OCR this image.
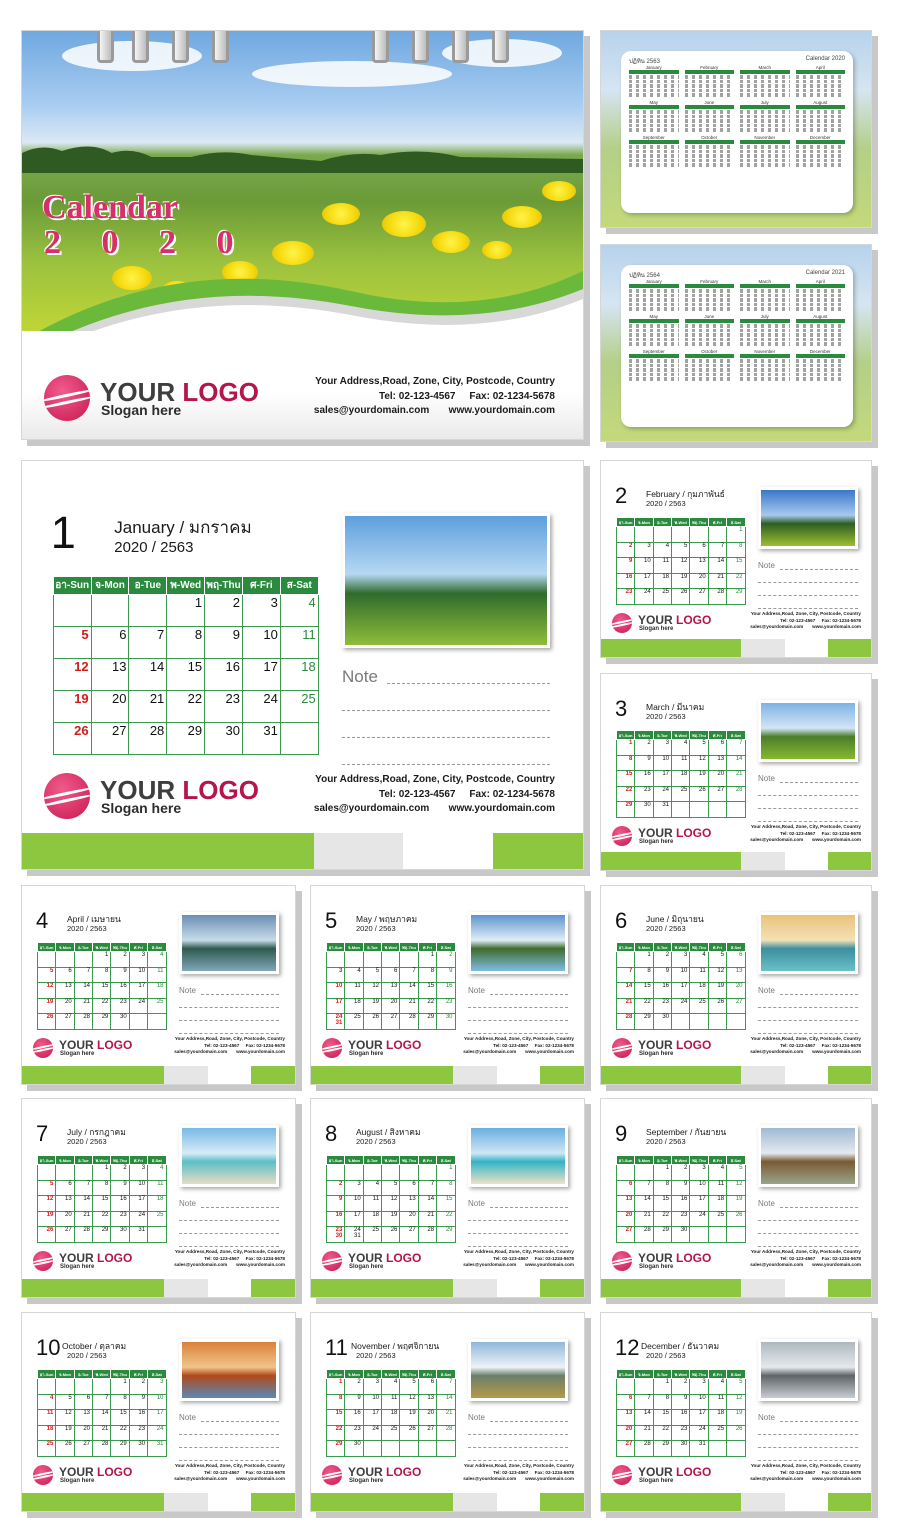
Calendar
2 0 2 0
YOUR LOGO
Slogan here
Your Address,Road, Zone, City, Postcode, Country
Tel: 02-123-4567     Fax: 02-1234-5678
sales@yourdomain.com       www.yourdomain.com
ปฏิทิน 2563	Calendar 2020
January	February	March	April
May	June	July	August
September	October	November	December
ปฏิทิน 2564	Calendar 2021
January	February	March	April
May	June	July	August
September	October	November	December
1 January / มกราคม
2020 / 2563
อา-Sun	จ-Mon	อ-Tue	พ-Wed	พฤ-Thu	ศ-Fri	ส-Sat
			1	2	3	4
5	6	7	8	9	10	11
12	13	14	15	16	17	18
19	20	21	22	23	24	25
26	27	28	29	30	31	
Note
YOUR LOGO
Slogan here
Your Address,Road, Zone, City, Postcode, Country
Tel: 02-123-4567     Fax: 02-1234-5678
sales@yourdomain.com       www.yourdomain.com
2 February / กุมภาพันธ์
2020 / 2563
อา-Sun	จ-Mon	อ-Tue	พ-Wed	พฤ-Thu	ศ-Fri	ส-Sat
						1
2	3	4	5	6	7	8
9	10	11	12	13	14	15
16	17	18	19	20	21	22
23	24	25	26	27	28	29
Note
YOUR LOGO
Slogan here
Your Address,Road, Zone, City, Postcode, Country
Tel: 02-123-4567     Fax: 02-1234-5678
sales@yourdomain.com       www.yourdomain.com
3 March / มีนาคม
2020 / 2563
อา-Sun	จ-Mon	อ-Tue	พ-Wed	พฤ-Thu	ศ-Fri	ส-Sat
1	2	3	4	5	6	7
8	9	10	11	12	13	14
15	16	17	18	19	20	21
22	23	24	25	26	27	28
29	30	31				
Note
YOUR LOGO
Slogan here
Your Address,Road, Zone, City, Postcode, Country
Tel: 02-123-4567     Fax: 02-1234-5678
sales@yourdomain.com       www.yourdomain.com
4 April / เมษายน
2020 / 2563
อา-Sun	จ-Mon	อ-Tue	พ-Wed	พฤ-Thu	ศ-Fri	ส-Sat
			1	2	3	4
5	6	7	8	9	10	11
12	13	14	15	16	17	18
19	20	21	22	23	24	25
26	27	28	29	30		
Note
YOUR LOGO
Slogan here
Your Address,Road, Zone, City, Postcode, Country
Tel: 02-123-4567     Fax: 02-1234-5678
sales@yourdomain.com       www.yourdomain.com
5 May / พฤษภาคม
2020 / 2563
อา-Sun	จ-Mon	อ-Tue	พ-Wed	พฤ-Thu	ศ-Fri	ส-Sat
					1	2
3	4	5	6	7	8	9
10	11	12	13	14	15	16
17	18	19	20	21	22	23
24 31	25	26	27	28	29	30
Note
YOUR LOGO
Slogan here
Your Address,Road, Zone, City, Postcode, Country
Tel: 02-123-4567     Fax: 02-1234-5678
sales@yourdomain.com       www.yourdomain.com
6 June / มิถุนายน
2020 / 2563
อา-Sun	จ-Mon	อ-Tue	พ-Wed	พฤ-Thu	ศ-Fri	ส-Sat
	1	2	3	4	5	6
7	8	9	10	11	12	13
14	15	16	17	18	19	20
21	22	23	24	25	26	27
28	29	30				
Note
YOUR LOGO
Slogan here
Your Address,Road, Zone, City, Postcode, Country
Tel: 02-123-4567     Fax: 02-1234-5678
sales@yourdomain.com       www.yourdomain.com
7 July / กรกฎาคม
2020 / 2563
อา-Sun	จ-Mon	อ-Tue	พ-Wed	พฤ-Thu	ศ-Fri	ส-Sat
			1	2	3	4
5	6	7	8	9	10	11
12	13	14	15	16	17	18
19	20	21	22	23	24	25
26	27	28	29	30	31	
Note
YOUR LOGO
Slogan here
Your Address,Road, Zone, City, Postcode, Country
Tel: 02-123-4567     Fax: 02-1234-5678
sales@yourdomain.com       www.yourdomain.com
8 August / สิงหาคม
2020 / 2563
อา-Sun	จ-Mon	อ-Tue	พ-Wed	พฤ-Thu	ศ-Fri	ส-Sat
						1
2	3	4	5	6	7	8
9	10	11	12	13	14	15
16	17	18	19	20	21	22
23 30	24 31	25	26	27	28	29
Note
YOUR LOGO
Slogan here
Your Address,Road, Zone, City, Postcode, Country
Tel: 02-123-4567     Fax: 02-1234-5678
sales@yourdomain.com       www.yourdomain.com
9 September / กันยายน
2020 / 2563
อา-Sun	จ-Mon	อ-Tue	พ-Wed	พฤ-Thu	ศ-Fri	ส-Sat
		1	2	3	4	5
6	7	8	9	10	11	12
13	14	15	16	17	18	19
20	21	22	23	24	25	26
27	28	29	30			
Note
YOUR LOGO
Slogan here
Your Address,Road, Zone, City, Postcode, Country
Tel: 02-123-4567     Fax: 02-1234-5678
sales@yourdomain.com       www.yourdomain.com
10 October / ตุลาคม
2020 / 2563
อา-Sun	จ-Mon	อ-Tue	พ-Wed	พฤ-Thu	ศ-Fri	ส-Sat
				1	2	3
4	5	6	7	8	9	10
11	12	13	14	15	16	17
18	19	20	21	22	23	24
25	26	27	28	29	30	31
Note
YOUR LOGO
Slogan here
Your Address,Road, Zone, City, Postcode, Country
Tel: 02-123-4567     Fax: 02-1234-5678
sales@yourdomain.com       www.yourdomain.com
11 November / พฤศจิกายน
2020 / 2563
อา-Sun	จ-Mon	อ-Tue	พ-Wed	พฤ-Thu	ศ-Fri	ส-Sat
1	2	3	4	5	6	7
8	9	10	11	12	13	14
15	16	17	18	19	20	21
22	23	24	25	26	27	28
29	30					
Note
YOUR LOGO
Slogan here
Your Address,Road, Zone, City, Postcode, Country
Tel: 02-123-4567     Fax: 02-1234-5678
sales@yourdomain.com       www.yourdomain.com
12 December / ธันวาคม
2020 / 2563
อา-Sun	จ-Mon	อ-Tue	พ-Wed	พฤ-Thu	ศ-Fri	ส-Sat
		1	2	3	4	5
6	7	8	9	10	11	12
13	14	15	16	17	18	19
20	21	22	23	24	25	26
27	28	29	30	31		
Note
YOUR LOGO
Slogan here
Your Address,Road, Zone, City, Postcode, Country
Tel: 02-123-4567     Fax: 02-1234-5678
sales@yourdomain.com       www.yourdomain.com
